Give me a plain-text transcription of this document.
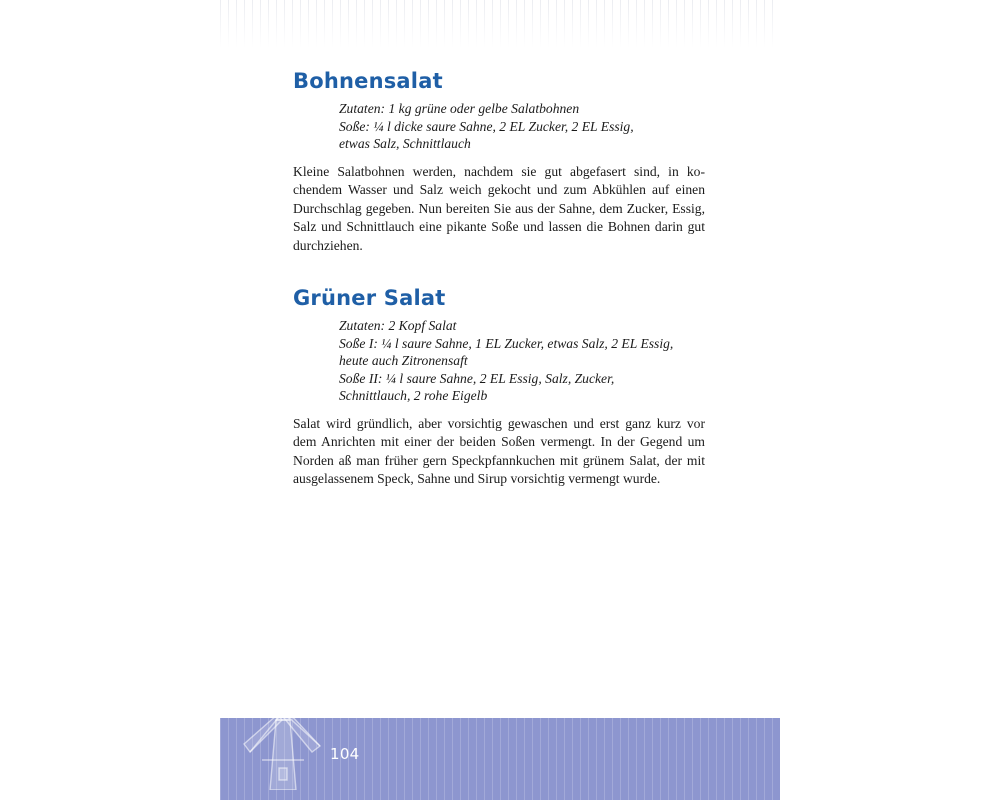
Bohnensalat
Zutaten: 1 kg grüne oder gelbe Salatbohnen
Soße: ¼ l dicke saure Sahne, 2 EL Zucker, 2 EL Essig,
etwas Salz, Schnittlauch

Kleine Salatbohnen werden, nachdem sie gut abgefasert sind, in kochendem Wasser und Salz weich gekocht und zum Abkühlen auf einen Durchschlag gegeben. Nun bereiten Sie aus der Sahne, dem Zucker, Essig, Salz und Schnittlauch eine pikante Soße und lassen die Bohnen darin gut durchziehen.

Grüner Salat
Zutaten: 2 Kopf Salat
Soße I: ¼ l saure Sahne, 1 EL Zucker, etwas Salz, 2 EL Essig,
heute auch Zitronensaft
Soße II: ¼ l saure Sahne, 2 EL Essig, Salz, Zucker,
Schnittlauch, 2 rohe Eigelb

Salat wird gründlich, aber vorsichtig gewaschen und erst ganz kurz vor dem Anrichten mit einer der beiden Soßen vermengt. In der Gegend um Norden aß man früher gern Speckpfannkuchen mit grünem Salat, der mit ausgelassenem Speck, Sahne und Sirup vorsichtig vermengt wurde.

104
